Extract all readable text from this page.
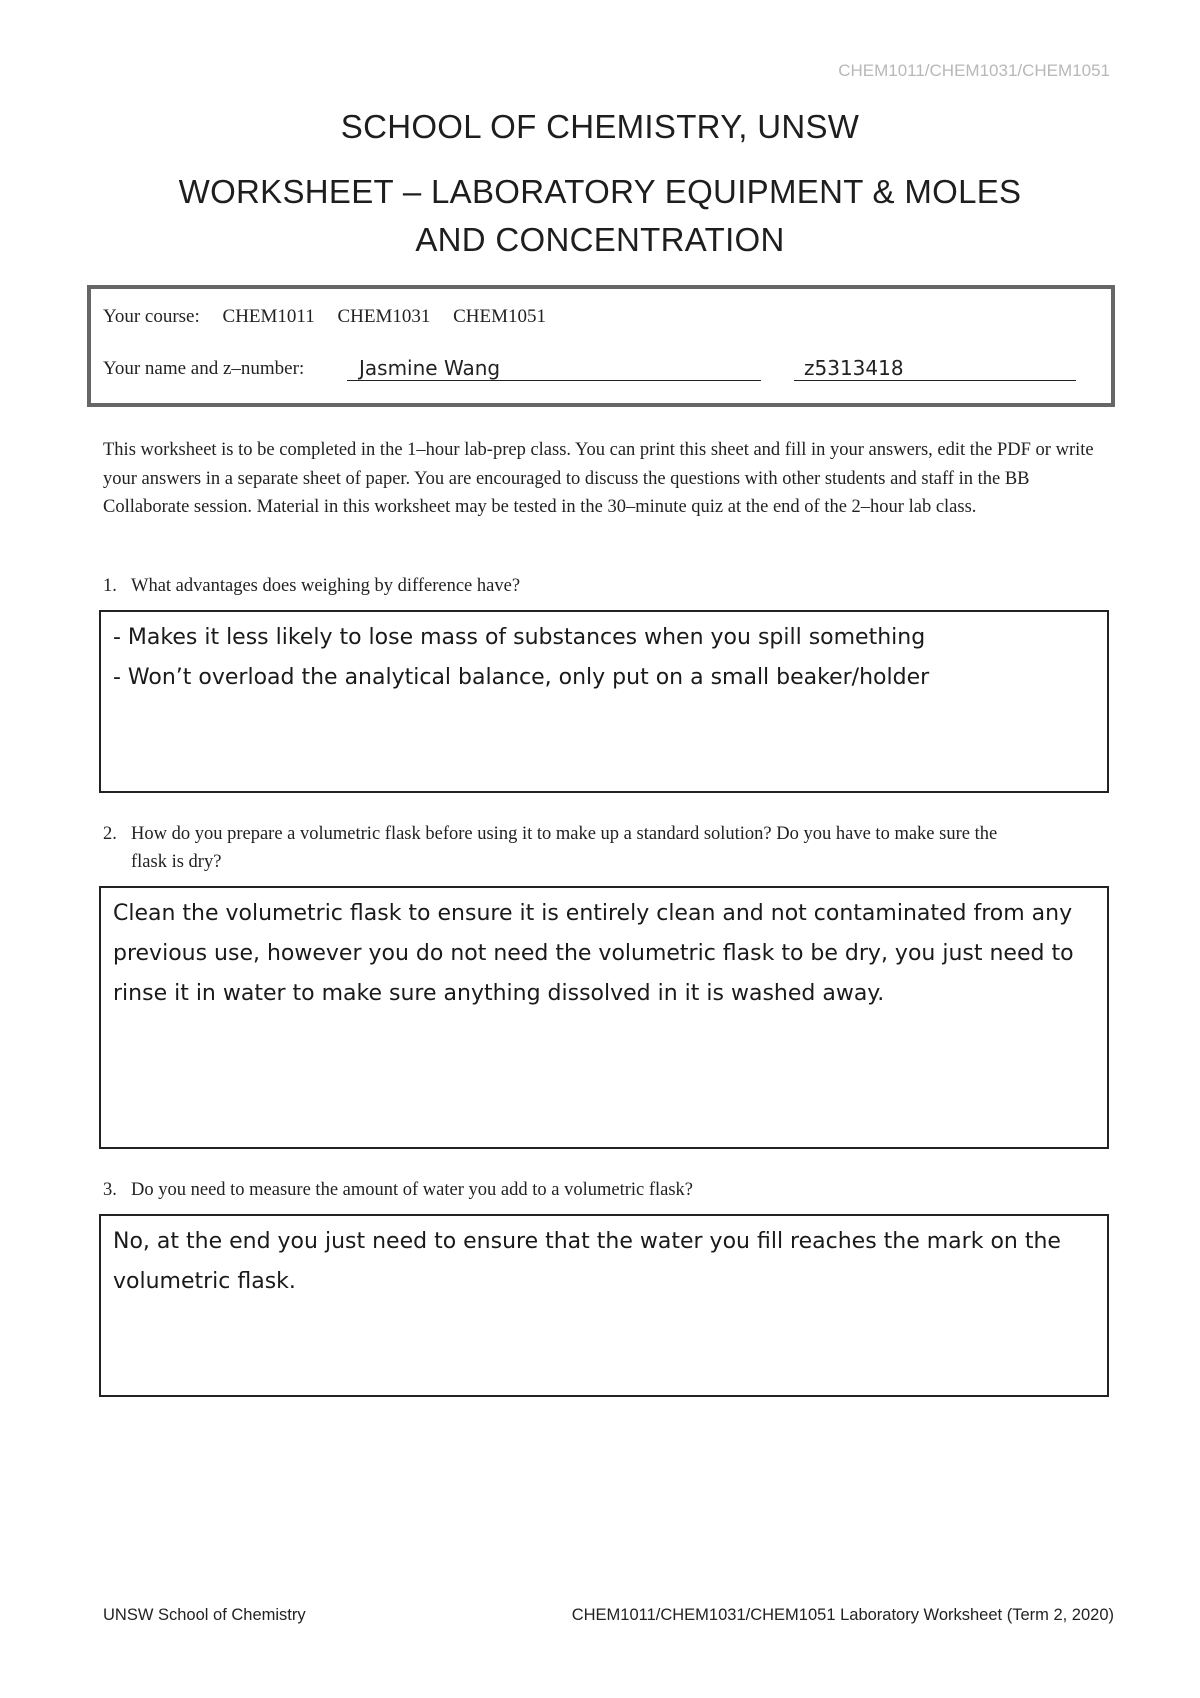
CHEM1011/CHEM1031/CHEM1051
SCHOOL OF CHEMISTRY, UNSW
WORKSHEET – LABORATORY EQUIPMENT & MOLES
AND CONCENTRATION
Your course: CHEM1011 CHEM1031 CHEM1051
Your name and z–number:	Jasmine Wang	z5313418
This worksheet is to be completed in the 1–hour lab-prep class. You can print this sheet and fill in your answers, edit the PDF or write your answers in a separate sheet of paper. You are encouraged to discuss the questions with other students and staff in the BB Collaborate session. Material in this worksheet may be tested in the 30–minute quiz at the end of the 2–hour lab class.
1. What advantages does weighing by difference have?

- Makes it less likely to lose mass of substances when you spill something

- Won’t overload the analytical balance, only put on a small beaker/holder

2. How do you prepare a volumetric flask before using it to make up a standard solution? Do you have to make sure the
flask is dry?

Clean the volumetric flask to ensure it is entirely clean and not contaminated from any

previous use, however you do not need the volumetric flask to be dry, you just need to

rinse it in water to make sure anything dissolved in it is washed away.

3. Do you need to measure the amount of water you add to a volumetric flask?

No, at the end you just need to ensure that the water you fill reaches the mark on the

volumetric flask.

UNSW School of Chemistry	CHEM1011/CHEM1031/CHEM1051 Laboratory Worksheet (Term 2, 2020)
